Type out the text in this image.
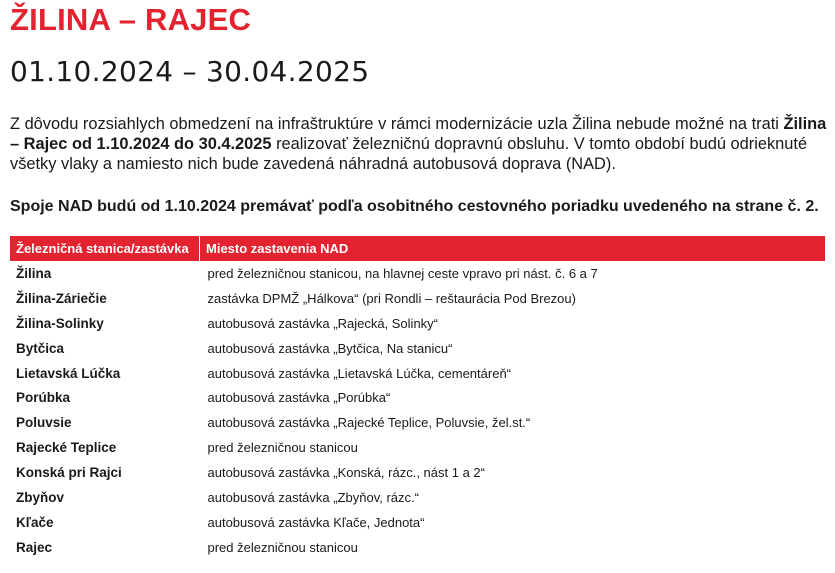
ŽILINA – RAJEC
01.10.2024 – 30.04.2025
Z dôvodu rozsiahlych obmedzení na infraštruktúre v rámci modernizácie uzla Žilina nebude možné na trati Žilina – Rajec od 1.10.2024 do 30.4.2025 realizovať železničnú dopravnú obsluhu. V tomto období budú odrieknuté všetky vlaky a namiesto nich bude zavedená náhradná autobusová doprava (NAD).
Spoje NAD budú od 1.10.2024 premávať podľa osobitného cestovného poriadku uvedeného na strane č. 2.
Železničná stanica/zastávka	Miesto zastavenia NAD
Žilina	pred železničnou stanicou, na hlavnej ceste vpravo pri nást. č. 6 a 7
Žilina-Záriečie	zastávka DPMŽ „Hálkova“ (pri Rondli – reštaurácia Pod Brezou)
Žilina-Solinky	autobusová zastávka „Rajecká, Solinky“
Bytčica	autobusová zastávka „Bytčica, Na stanicu“
Lietavská Lúčka	autobusová zastávka „Lietavská Lúčka, cementáreň“
Porúbka	autobusová zastávka „Porúbka“
Poluvsie	autobusová zastávka „Rajecké Teplice, Poluvsie, žel.st.“
Rajecké Teplice	pred železničnou stanicou
Konská pri Rajci	autobusová zastávka „Konská, rázc., nást 1 a 2“
Zbyňov	autobusová zastávka „Zbyňov, rázc.“
Kľače	autobusová zastávka Kľače, Jednota“
Rajec	pred železničnou stanicou
